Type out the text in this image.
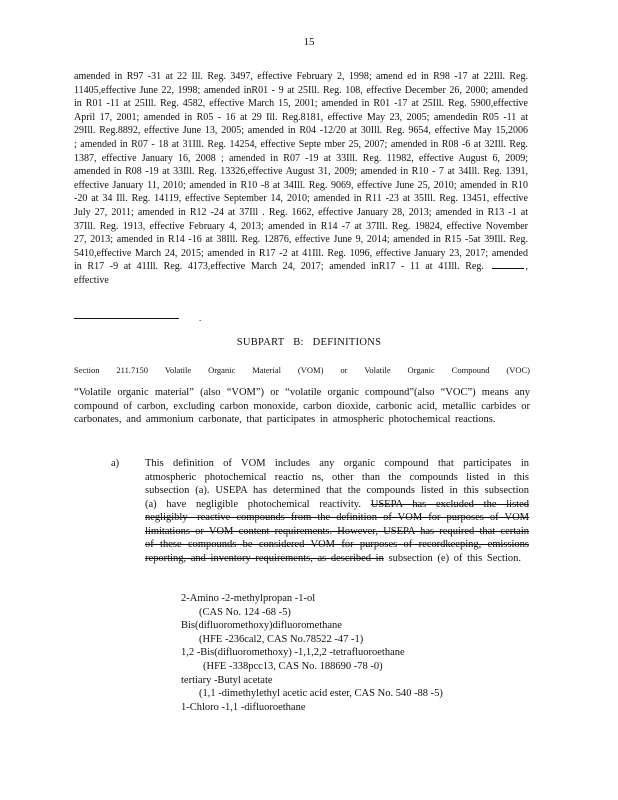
15
amended in R97 -31 at 22 Ill. Reg. 3497, effective February 2, 1998; amend ed in R98 -17 at 22Ill. Reg. 11405,effective June 22, 1998; amended inR01 - 9 at 25Ill. Reg. 108, effective December 26, 2000; amended in R01 -11 at 25Ill. Reg. 4582, effective March 15, 2001; amended in R01 -17 at 25Ill. Reg. 5900,effective April 17, 2001; amended in R05 - 16 at 29 Ill. Reg.8181, effective May 23, 2005; amendedin R05 -11 at 29Ill. Reg.8892, effective June 13, 2005; amended in R04 -12/20 at 30Ill. Reg. 9654, effective May 15,2006 ; amended in R07 - 18 at 31Ill. Reg. 14254, effective Septe mber 25, 2007; amended in R08 -6 at 32Ill. Reg. 1387, effective January 16, 2008 ; amended in R07 -19 at 33Ill. Reg. 11982, effective August 6, 2009; amended in R08 -19 at 33Ill. Reg. 13326,effective August 31, 2009; amended in R10 - 7 at 34Ill. Reg. 1391, effective January 11, 2010; amended in R10 -8 at 34Ill. Reg. 9069, effective June 25, 2010; amended in R10 -20 at 34 Ill. Reg. 14119, effective September 14, 2010; amended in R11 -23 at 35Ill. Reg. 13451, effective July 27, 2011; amended in R12 -24 at 37Ill . Reg. 1662, effective January 28, 2013; amended in R13 -1 at 37Ill. Reg. 1913, effective February 4, 2013; amended in R14 -7 at 37Ill. Reg. 19824, effective November 27, 2013; amended in R14 -16 at 38Ill. Reg. 12876, effective June 9, 2014; amended in R15 -5at 39Ill. Reg. 5410,effective March 24, 2015; amended in R17 -2 at 41Ill. Reg. 1096, effective January 23, 2017; amended in R17 -9 at 41Ill. Reg. 4173,effective March 24, 2017; amended inR17 - 11 at 41Ill. Reg.	, effective
.
SUBPART B: DEFINITIONS
Section 211.7150 Volatile Organic Material (VOM) or Volatile Organic Compound (VOC)
“Volatile organic material” (also “VOM”) or “volatile organic compound”(also “VOC”) means any compound of carbon, excluding carbon monoxide, carbon dioxide, carbonic acid, metallic carbides or carbonates, and ammonium carbonate, that participates in atmospheric photochemical reactions.
a) This definition of VOM includes any organic compound that participates in atmospheric photochemical reactio ns, other than the compounds listed in this subsection (a). USEPA has determined that the compounds listed in this subsection (a) have negligible photochemical reactivity. USEPA has excluded the listed negligibly- reactive compounds from the definition of VOM for purposes of VOM limitations or VOM content requirements. However, USEPA has required that certain of these compounds be considered VOM for purposes of recordkeeping, emissions reporting, and inventory requirements, as described in subsection (e) of this Section.
2-Amino -2-methylpropan -1-ol
(CAS No. 124 -68 -5)
Bis(difluoromethoxy)difluoromethane
(HFE -236cal2, CAS No.78522 -47 -1)
1,2 -Bis(difluoromethoxy) -1,1,2,2 -tetrafluoroethane
(HFE -338pcc13, CAS No. 188690 -78 -0)
tertiary -Butyl acetate
(1,1 -dimethylethyl acetic acid ester, CAS No. 540 -88 -5)
1-Chloro -1,1 -difluoroethane
